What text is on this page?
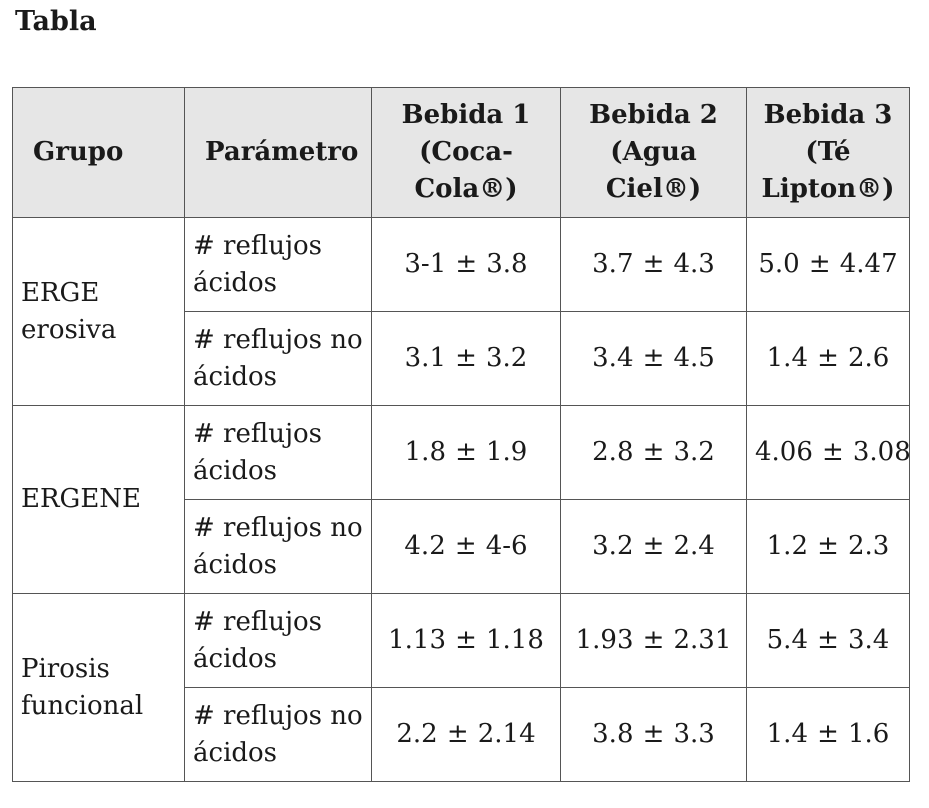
Tabla
Grupo	Parámetro	Bebida 1 (Coca-Cola®)	Bebida 2 (Agua Ciel®)	Bebida 3 (Té Lipton®)
ERGE erosiva	# reflujos ácidos	3-1 ± 3.8	3.7 ± 4.3	5.0 ± 4.47
	# reflujos no ácidos	3.1 ± 3.2	3.4 ± 4.5	1.4 ± 2.6
ERGENE	# reflujos ácidos	1.8 ± 1.9	2.8 ± 3.2	4.06 ± 3.08
	# reflujos no ácidos	4.2 ± 4-6	3.2 ± 2.4	1.2 ± 2.3
Pirosis funcional	# reflujos ácidos	1.13 ± 1.18	1.93 ± 2.31	5.4 ± 3.4
	# reflujos no ácidos	2.2 ± 2.14	3.8 ± 3.3	1.4 ± 1.6
